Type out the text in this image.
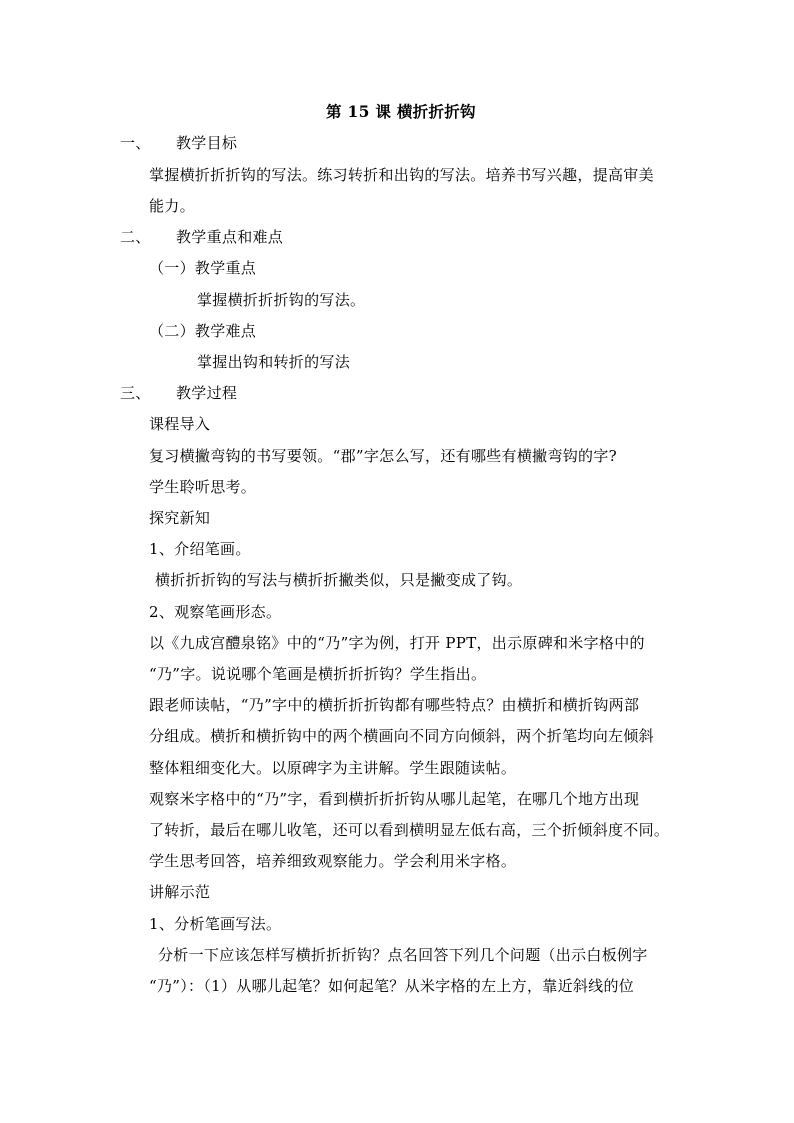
第 15 课 横折折折钩
一、 教学目标
掌握横折折折钩的写法。练习转折和出钩的写法。培养书写兴趣，提高审美
能力。
二、 教学重点和难点
（一）教学重点
掌握横折折折钩的写法。
（二）教学难点
掌握出钩和转折的写法
三、 教学过程
课程导入
复习横撇弯钩的书写要领。“郡”字怎么写，还有哪些有横撇弯钩的字?
学生聆听思考。
探究新知
1、介绍笔画。
横折折折钩的写法与横折折撇类似，只是撇变成了钩。
2、观察笔画形态。
以《九成宫醴泉铭》中的“乃”字为例，打开 PPT，出示原碑和米字格中的
“乃”字。说说哪个笔画是横折折折钩？学生指出。
跟老师读帖，“乃”字中的横折折折钩都有哪些特点？由横折和横折钩两部
分组成。横折和横折钩中的两个横画向不同方向倾斜，两个折笔均向左倾斜
整体粗细变化大。以原碑字为主讲解。学生跟随读帖。
观察米字格中的“乃”字，看到横折折折钩从哪儿起笔，在哪几个地方出现
了转折，最后在哪儿收笔，还可以看到横明显左低右高，三个折倾斜度不同。
学生思考回答，培养细致观察能力。学会利用米字格。
讲解示范
1、分析笔画写法。
分析一下应该怎样写横折折折钩？点名回答下列几个问题（出示白板例字
“乃”）：（1）从哪儿起笔？如何起笔？从米字格的左上方，靠近斜线的位
